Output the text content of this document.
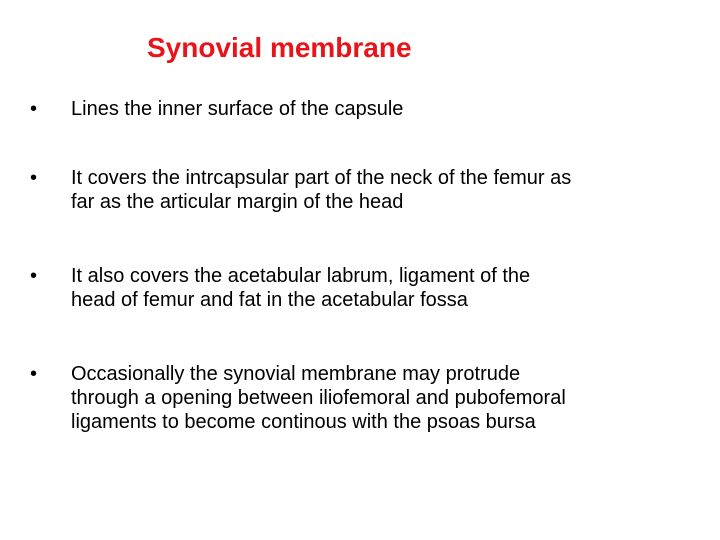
Synovial membrane
•	Lines the inner surface of the capsule
•	It covers the intrcapsular part of the neck of the femur as
far as the articular margin of the head
•	It also covers the acetabular labrum, ligament of the
head of femur and fat in the acetabular fossa
•	Occasionally the synovial membrane may protrude
through a opening between iliofemoral and pubofemoral
ligaments to become continous with the psoas bursa
